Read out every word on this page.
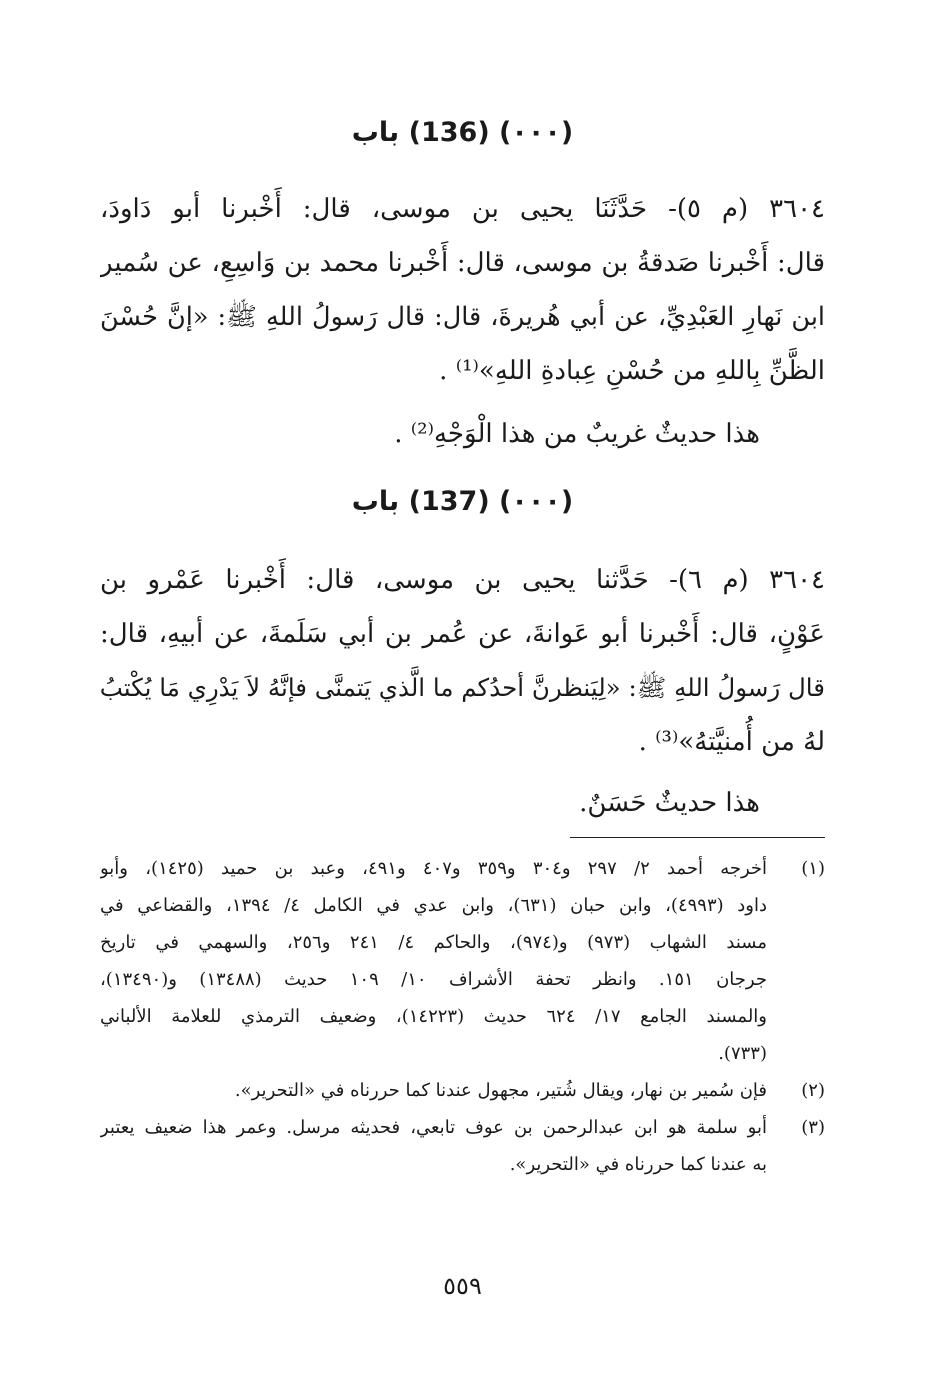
(٠٠٠) (136) باب
٣٦٠٤ (م ٥)- حَدَّثَنَا يحيى بن موسى، قال: أَخْبرنا أبو دَاودَ،
قال: أَخْبرنا صَدقةُ بن موسى، قال: أَخْبرنا محمد بن وَاسِعِ، عن سُمير
ابن نَهارِ العَبْدِيِّ، عن أبي هُريرةَ، قال: قال رَسولُ اللهِ ﷺ: «إنَّ حُسْنَ
الظَّنِّ بِاللهِ من حُسْنِ عِبادةِ اللهِ»⁽¹⁾ .

هذا حديثٌ غريبٌ من هذا الْوَجْهِ⁽²⁾ .

(٠٠٠) (137) باب
٣٦٠٤ (م ٦)- حَدَّثنا يحيى بن موسى، قال: أَخْبرنا عَمْرو بن
عَوْنٍ، قال: أَخْبرنا أبو عَوانةَ، عن عُمر بن أبي سَلَمةَ، عن أبيهِ، قال:
قال رَسولُ اللهِ ﷺ: «لِيَنظرنَّ أحدُكم ما الَّذي يَتمنَّى فإنَّهُ لاَ يَدْرِي مَا يُكْتبُ
لهُ من أُمنيَّتهُ»⁽³⁾ .

هذا حديثٌ حَسَنٌ.

(١)
أخرجه أحمد ٢/ ٢٩٧ و٣٠٤ و٣٥٩ و٤٠٧ و٤٩١، وعبد بن حميد (١٤٢٥)، وأبو
داود (٤٩٩٣)، وابن حبان (٦٣١)، وابن عدي في الكامل ٤/ ١٣٩٤، والقضاعي في
مسند الشهاب (٩٧٣) و(٩٧٤)، والحاكم ٤/ ٢٤١ و٢٥٦، والسهمي في تاريخ
جرجان ١٥١. وانظر تحفة الأشراف ١٠/ ١٠٩ حديث (١٣٤٨٨) و(١٣٤٩٠)،
والمسند الجامع ١٧/ ٦٢٤ حديث (١٤٢٢٣)، وضعيف الترمذي للعلامة الألباني
(٧٣٣).
(٢)
فإن سُمير بن نهار، ويقال شُتير، مجهول عندنا كما حررناه في «التحرير».
(٣)
أبو سلمة هو ابن عبدالرحمن بن عوف تابعي، فحديثه مرسل. وعمر هذا ضعيف يعتبر
به عندنا كما حررناه في «التحرير».
٥٥٩
